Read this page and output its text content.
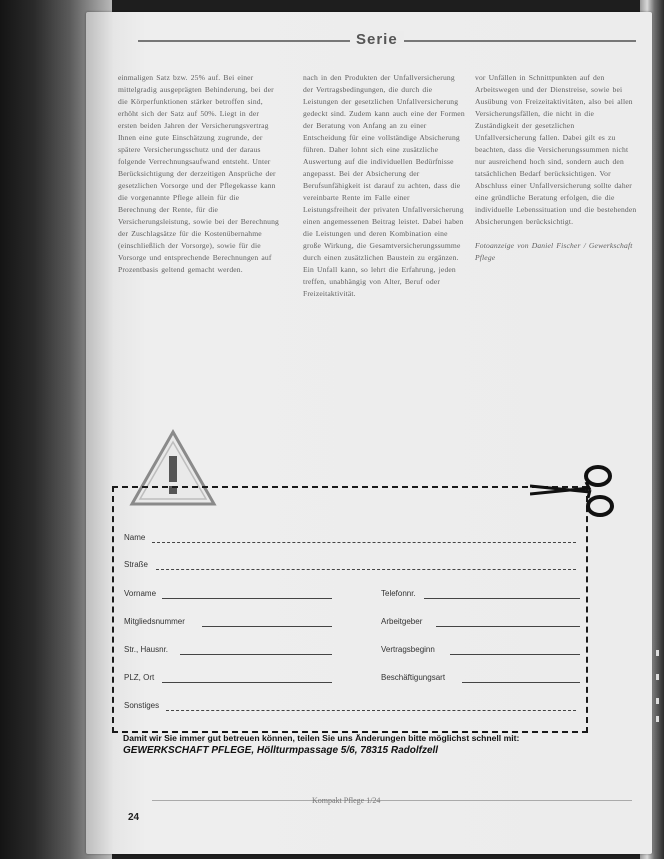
Serie

einmaligen Satz bzw. 25% auf. Bei einer mittelgradig ausgeprägten Behinderung, bei der die Körperfunktionen stärker betroffen sind, erhöht sich der Satz auf 50%. Liegt in der ersten beiden Jahren der Versicherungsvertrag Ihnen eine gute Einschätzung zugrunde, der spätere Versicherungsschutz und der daraus folgende Verrechnungsaufwand entsteht. Unter Berücksichtigung der derzeitigen Ansprüche der gesetzlichen Vorsorge und der Pflegekasse kann die vorgenannte Pflege allein für die Berechnung der Rente, für die Versicherungsleistung, sowie bei der Berechnung der Zuschlagsätze für die Kostenübernahme (einschließlich der Vorsorge), sowie für die Vorsorge und entsprechende Berechnungen auf Prozentbasis geltend gemacht werden.

nach in den Produkten der Unfallversicherung der Vertragsbedingungen, die durch die Leistungen der gesetzlichen Unfallversicherung gedeckt sind. Zudem kann auch eine der Formen der Beratung von Anfang an zu einer Entscheidung für eine vollständige Absicherung führen. Daher lohnt sich eine zusätzliche Auswertung auf die individuellen Bedürfnisse angepasst. Bei der Absicherung der Berufsunfähigkeit ist darauf zu achten, dass die vereinbarte Rente im Falle einer Leistungsfreiheit der privaten Unfallversicherung einen angemessenen Beitrag leistet. Dabei haben die Leistungen und deren Kombination eine große Wirkung, die Gesamtversicherungssumme durch einen zusätzlichen Baustein zu ergänzen. Ein Unfall kann, so lehrt die Erfahrung, jeden treffen, unabhängig von Alter, Beruf oder Freizeitaktivität.

vor Unfällen in Schnittpunkten auf den Arbeitswegen und der Dienstreise, sowie bei Ausübung von Freizeitaktivitäten, also bei allen Versicherungsfällen, die nicht in die Zuständigkeit der gesetzlichen Unfallversicherung fallen. Dabei gilt es zu beachten, dass die Versicherungssummen nicht nur ausreichend hoch sind, sondern auch den tatsächlichen Bedarf berücksichtigen. Vor Abschluss einer Unfallversicherung sollte daher eine gründliche Beratung erfolgen, die die individuelle Lebenssituation und die bestehenden Absicherungen berücksichtigt.

Fotoanzeige von Daniel Fischer / Gewerkschaft Pflege

Name
Straße
Vorname	Telefonnr.
Mitgliedsnummer	Arbeitgeber
Str., Hausnr.	Vertragsbeginn
PLZ, Ort	Beschäftigungsart
Sonstiges
Damit wir Sie immer gut betreuen können, teilen Sie uns Änderungen bitte möglichst schnell mit:
GEWERKSCHAFT PFLEGE, Höllturmpassage 5/6, 78315 Radolfzell
Kompakt Pflege 1/24
24
